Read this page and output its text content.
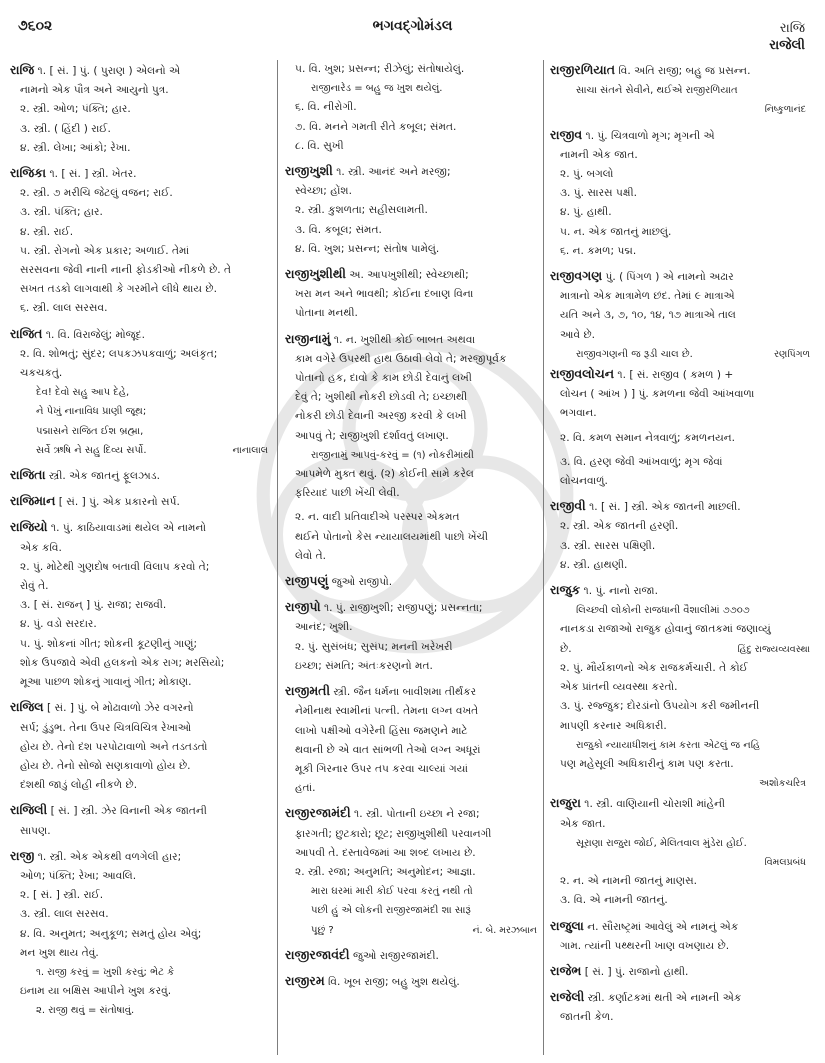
૭૬૦૨	ભગવદ્ગોમંડલ	રાજિ
રાજેલી
રાજિ ૧. [ સં. ] પું. ( પુરાણ ) એલનો એ
નામનો એક પૌત્ર અને આયુનો પુત્ર.
૨. સ્ત્રી. ઓળ; પંક્તિ; હાર.
૩. સ્ત્રી. ( હિંદી ) રાઈ.
૪. સ્ત્રી. લેખા; આંકો; રેખા.
રાજિકા ૧. [ સં. ] સ્ત્રી. ખેતર.
૨. સ્ત્રી. ૭ મરીચિ જેટલું વજન; રાઈ.
૩. સ્ત્રી. પંક્તિ; હાર.
૪. સ્ત્રી. રાઈ.
૫. સ્ત્રી. રોગનો એક પ્રકાર; અળાઈ. તેમાં
સરસવના જેવી નાની નાની ફોડકીઓ નીકળે છે. તે
સખત તડકો લાગવાથી કે ગરમીને લીધે થાય છે.
૬. સ્ત્રી. લાલ સરસવ.
રાજિત ૧. વિ. વિરાજેલું; મોજૂદ.
૨. વિ. શોભતું; સુંદર; લપકઝપકવાળું; અલંકૃત;
ચકચકતું.
દેવ! દેવો સહુ આપ દેહે,
ને પેખું નાનાવિધ પ્રાણી જૂથ;
પદ્માસને રાજિત ઈશ બ્રહ્મા,
સર્વે ઋષિ ને સહુ દિવ્ય સર્પો.	નાનાલાલ
રાજિતા સ્ત્રી. એક જાતનું ફૂલઝાડ.
રાજિમાન [ સં. ] પું. એક પ્રકારનો સર્પ.
રાજિયો ૧. પું. કાઠિયાવાડમાં થયેલ એ નામનો
એક કવિ.
૨. પું. મોટેથી ગુણદોષ બતાવી વિલાપ કરવો તે;
રોવું તે.
૩. [ સં. રાજન્ ] પું. રાજા; રાજવી.
૪. પું. વડો સરદાર.
૫. પું. શોકનાં ગીત; શોકની કૂટણીનું ગાણું;
શોક ઉપજાવે એવી હલકનો એક રાગ; મરસિયો;
મૂઆ પાછળ શોકનું ગાવાનું ગીત; મોકાણ.
રાજિલ [ સં. ] પું. બે મોઢાવાળો ઝેર વગરનો
સર્પ; ડુંડુભ. તેના ઉપર ચિત્રવિચિત્ર રેખાઓ
હોય છે. તેનો દંશ પરપોટાવાળો અને તડતડતો
હોય છે. તેનો સોજો સણકાવાળો હોય છે.
દંશથી જાડું લોહી નીકળે છે.
રાજિલી [ સં. ] સ્ત્રી. ઝેર વિનાની એક જાતની
સાપણ.
રાજી ૧. સ્ત્રી. એક એકથી વળગેલી હાર;
ઓળ; પંક્તિ; રેખા; આવલિ.
૨. [ સં. ] સ્ત્રી. રાઈ.
૩. સ્ત્રી. લાલ સરસવ.
૪. વિ. અનુમત; અનુકૂળ; સમતું હોય એવું;
મન ખુશ થાય તેવું.
૧. રાજી કરવું = ખુશી કરવું; ભેટ કે
ઇનામ યા બક્ષિસ આપીને ખુશ કરવું.
૨. રાજી થવું = સંતોષાવું.
૫. વિ. ખુશ; પ્રસન્ન; રીઝેલું; સંતોષાયેલું.
રાજીનારેડ = બહુ જ ખુશ થયેલું.
૬. વિ. નીરોગી.
૭. વિ. મનને ગમતી રીતે કબૂલ; સંમત.
૮. વિ. સુખી
રાજીખુશી ૧. સ્ત્રી. આનંદ અને મરજી;
સ્વેચ્છા; હોંશ.
૨. સ્ત્રી. કુશળતા; સહીસલામતી.
૩. વિ. કબૂલ; સંમત.
૪. વિ. ખુશ; પ્રસન્ન; સંતોષ પામેલું.
રાજીખુશીથી અ. આપખુશીથી; સ્વેચ્છાથી;
ખરા મન અને ભાવથી; કોઈના દબાણ વિના
પોતાના મનથી.
રાજીનામું ૧. ન. ખુશીથી કોઈ બાબત અથવા
કામ વગેરે ઉપરથી હાથ ઉઠાવી લેવો તે; મરજીપૂર્વક
પોતાનો હક, દાવો કે કામ છોડી દેવાનું લખી
દેવું તે; ખુશીથી નોકરી છોડવી તે; ઇચ્છાથી
નોકરી છોડી દેવાની અરજી કરવી કે લખી
આપવું તે; રાજીખુશી દર્શાવતું લખાણ.
રાજીનામું આપવું-કરવું = (૧) નોકરીમાંથી
આપમેળે મુક્ત થવું. (૨) કોઈની સામે કરેલ
ફરિયાદ પાછી ખેંચી લેવી.
૨. ન. વાદી પ્રતિવાદીએ પરસ્પર એકમત
થઈને પોતાનો કેસ ન્યાયાલયમાંથી પાછો ખેંચી
લેવો તે.
રાજીપણું જુઓ રાજીપો.
રાજીપો ૧. પું. રાજીખુશી; રાજીપણું; પ્રસન્નતા;
આનંદ; ખુશી.
૨. પું. સુસંબંધ; સુસંપ; મનની ખરેખરી
ઇચ્છા; સંમતિ; અંતઃકરણનો મત.
રાજીમતી સ્ત્રી. જૈન ધર્મના બાવીશમા તીર્થંકર
નેમીનાથ સ્વામીનાં પત્ની. તેમના લગ્ન વખતે
લાખો પક્ષીઓ વગેરેની હિંસા જમણને માટે
થવાની છે એ વાત સાંભળી તેઓ લગ્ન અધૂરાં
મૂકી ગિરનાર ઉપર તપ કરવા ચાલ્યાં ગયાં
હતાં.
રાજીરજામંદી ૧. સ્ત્રી. પોતાની ઇચ્છા ને રજા;
ફારગતી; છુટકારો; છૂટ; રાજીખુશીથી પરવાનગી
આપવી તે. દસ્તાવેજમાં આ શબ્દ લખાય છે.
૨. સ્ત્રી. રજા; અનુમતિ; અનુમોદન; આજ્ઞા.
મારા ઘરમાં મારી કોઈ પરવા કરતું નથી તો
પછી હું એ લોકની રાજીરજામંદી શા સારૂં
પૂછું ?	નં. બે. મરઝબાન
રાજીરજાવંદી જુઓ રાજીરજામંદી.
રાજીરમ વિ. ખૂબ રાજી; બહુ ખુશ થયેલું.
રાજીરળિયાત વિ. અતિ રાજી; બહુ જ પ્રસન્ન.
સાચા સંતને સેવીને, થઈએ રાજીરળિયાત
નિષ્કુળાનંદ
રાજીવ ૧. પું. ચિત્રવાળો મૃગ; મૃગની એ
નામની એક જાત.
૨. પું. બગલો
૩. પું. સારસ પક્ષી.
૪. પું. હાથી.
૫. ન. એક જાતનું માછલું.
૬. ન. કમળ; પદ્મ.
રાજીવગણ પું. ( પિંગળ ) એ નામનો અઢાર
માત્રાનો એક માત્રામેળ છંદ. તેમાં ૯ માત્રાએ
યતિ અને ૩, ૭, ૧૦, ૧૪, ૧૭ માત્રાએ તાલ
આવે છે.
રાજીવગણની જ રૂડી ચાલ છે.	રણપિંગળ
રાજીવલોચન ૧. [ સં. રાજીવ ( કમળ ) +
લોચન ( આંખ ) ] પું. કમળના જેવી આંખવાળા
ભગવાન.
૨. વિ. કમળ સમાન નેત્રવાળું; કમળનયન.
૩. વિ. હરણ જેવી આંખવાળું; મૃગ જેવાં
લોચનવાળું.
રાજીવી ૧. [ સં. ] સ્ત્રી. એક જાતની માછલી.
૨. સ્ત્રી. એક જાતની હરણી.
૩. સ્ત્રી. સારસ પક્ષિણી.
૪. સ્ત્રી. હાથણી.
રાજુક ૧. પું. નાનો રાજા.
લિચ્છવી લોકોની રાજધાની વૈશાલીમાં ૭૭૦૭
નાનકડા રાજાઓ રાજુક હોવાનું જાતકમાં જણાવ્યું
છે.	હિંદુ રાજ્યવ્યવસ્થા
૨. પું. મૌર્યકાળનો એક રાજકર્મચારી. તે કોઈ
એક પ્રાંતની વ્યવસ્થા કરતો.
૩. પું. રજ્જુક; દોરડાંનો ઉપયોગ કરી જમીનની
માપણી કરનાર અધિકારી.
રાજુકો ન્યાયાધીશનું કામ કરતા એટલું જ નહિ
પણ મહેસૂલી અધિકારીનું કામ પણ કરતા.
અશોકચરિત્ર
રાજુરા ૧. સ્ત્રી. વાણિયાની ચોરાશી માંહેની
એક જાત.
સૂરાણા રાજુરા જોઈ, મેલિતવાલ મુંડેરા હોઈ.
વિમલપ્રબંધ
૨. ન. એ નામની જાતનું માણસ.
૩. વિ. એ નામની જાતનું.
રાજુલા ન. સૌરાષ્ટ્રમાં આવેલું એ નામનું એક
ગામ. ત્યાંની પથ્થરની ખાણ વખણાય છે.
રાજેભ [ સં. ] પું. રાજાનો હાથી.
રાજેલી સ્ત્રી. કર્ણાટકમાં થતી એ નામની એક
જાતની કેળ.
